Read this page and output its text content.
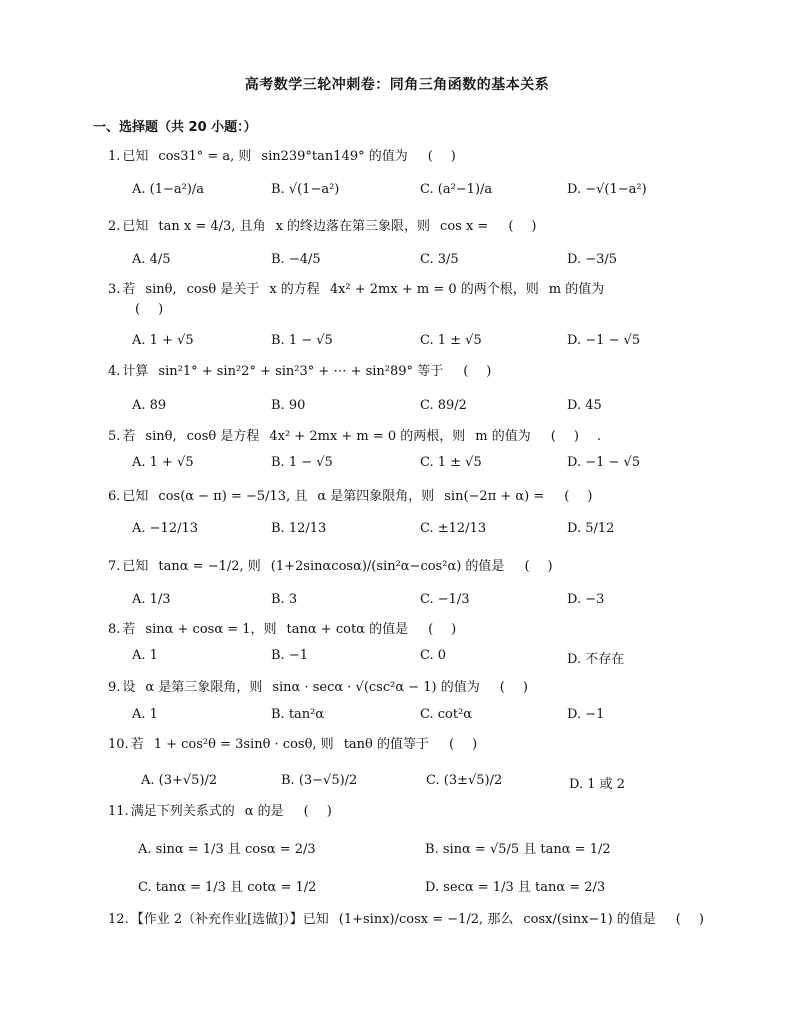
高考数学三轮冲刺卷：同角三角函数的基本关系
一、选择题（共 20 小题：）
1. 已知 cos31° = a, 则 sin239°tan149° 的值为 ()
A. (1−a²)/a	B. √(1−a²)	C. (a²−1)/a	D. −√(1−a²)
2. 已知 tan x = 4/3, 且角 x 的终边落在第三象限，则 cos x = ()
A. 4/5	B. −4/5	C. 3/5	D. −3/5
3. 若 sinθ, cosθ 是关于 x 的方程 4x² + 2mx + m = 0 的两个根，则 m 的值为
()
A. 1 + √5	B. 1 − √5	C. 1 ± √5	D. −1 − √5
4. 计算 sin²1° + sin²2° + sin²3° + ⋯ + sin²89° 等于 ()
A. 89	B. 90	C. 89/2	D. 45
5. 若 sinθ, cosθ 是方程 4x² + 2mx + m = 0 的两根，则 m 的值为 ().
A. 1 + √5	B. 1 − √5	C. 1 ± √5	D. −1 − √5
6. 已知 cos(α − π) = −5/13, 且 α 是第四象限角，则 sin(−2π + α) = ()
A. −12/13	B. 12/13	C. ±12/13	D. 5/12
7. 已知 tanα = −1/2, 则 (1+2sinαcosα)/(sin²α−cos²α) 的值是 ()
A. 1/3	B. 3	C. −1/3	D. −3
8. 若 sinα + cosα = 1，则 tanα + cotα 的值是 ()
A. 1	B. −1	C. 0	D. 不存在
9. 设 α 是第三象限角，则 sinα · secα · √(csc²α − 1) 的值为 ()
A. 1	B. tan²α	C. cot²α	D. −1
10. 若 1 + cos²θ = 3sinθ · cosθ, 则 tanθ 的值等于 ()
A. (3+√5)/2	B. (3−√5)/2	C. (3±√5)/2	D. 1 或 2
11. 满足下列关系式的 α 的是 ()
A. sinα = 1/3 且 cosα = 2/3	B. sinα = √5/5 且 tanα = 1/2
C. tanα = 1/3 且 cotα = 1/2	D. secα = 1/3 且 tanα = 2/3
12. 【作业 2（补充作业[选做]）】已知 (1+sinx)/cosx = −1/2, 那么 cosx/(sinx−1) 的值是 ()
